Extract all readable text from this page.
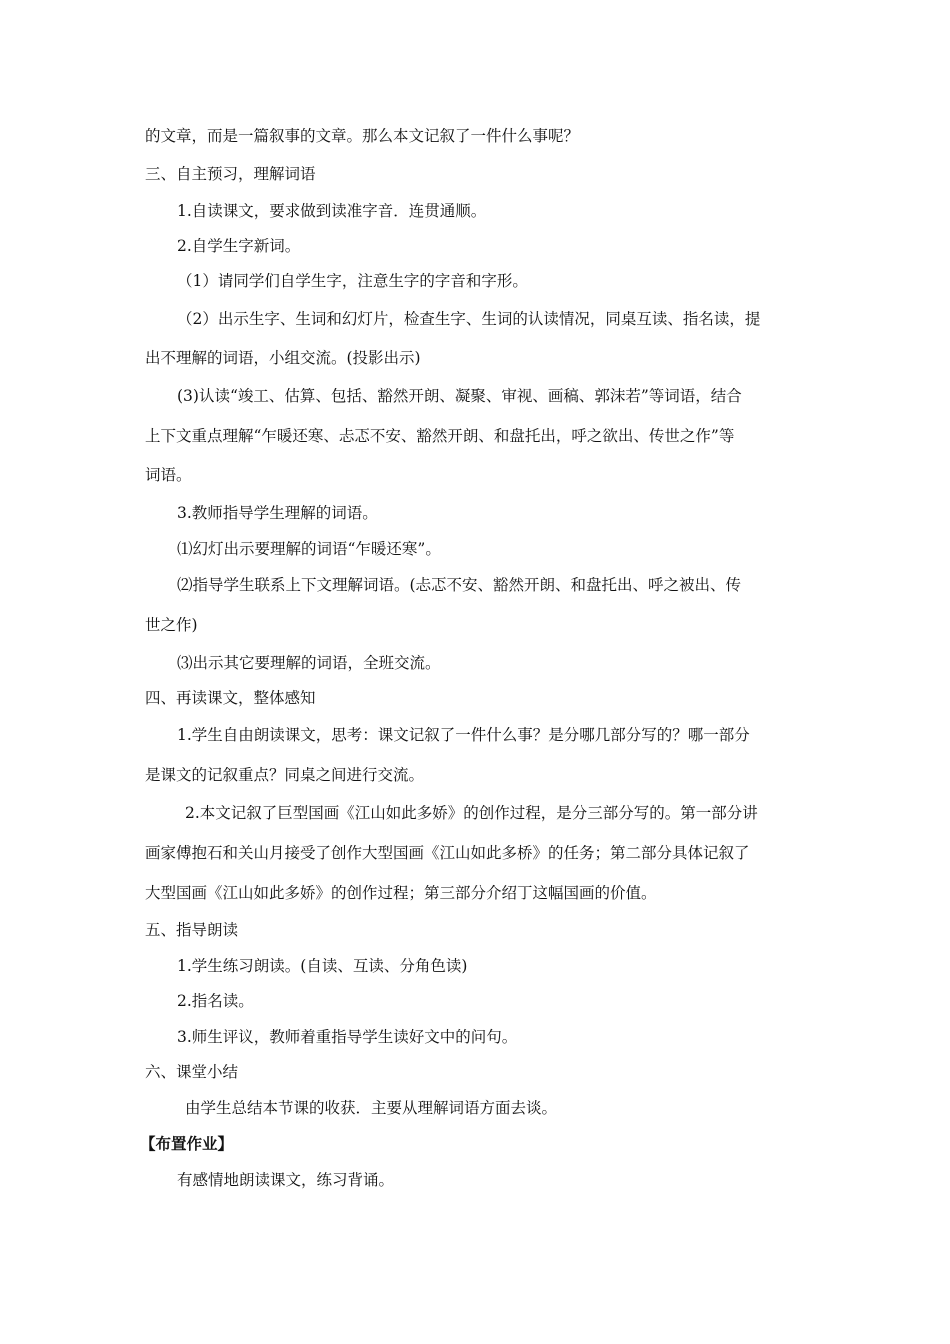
的文章，而是一篇叙事的文章。那么本文记叙了一件什么事呢？
三、自主预习，理解词语
1.自读课文，要求做到读准字音．连贯通顺。
2.自学生字新词。
（1）请同学们自学生字，注意生字的字音和字形。
（2）出示生字、生词和幻灯片，检查生字、生词的认读情况，同桌互读、指名读，提
出不理解的词语，小组交流。(投影出示)
(3)认读“竣工、估算、包括、豁然开朗、凝聚、审视、画稿、郭沫若”等词语，结合
上下文重点理解“乍暖还寒、忐忑不安、豁然开朗、和盘托出，呼之欲出、传世之作”等
词语。
3.教师指导学生理解的词语。
⑴幻灯出示要理解的词语“乍暖还寒”。
⑵指导学生联系上下文理解词语。(忐忑不安、豁然开朗、和盘托出、呼之被出、传
世之作)
⑶出示其它要理解的词语，全班交流。
四、再读课文，整体感知
1.学生自由朗读课文，思考：课文记叙了一件什么事？是分哪几部分写的？哪一部分
是课文的记叙重点？同桌之间进行交流。
2.本文记叙了巨型国画《江山如此多娇》的创作过程，是分三部分写的。第一部分讲
画家傅抱石和关山月接受了创作大型国画《江山如此多桥》的任务；第二部分具体记叙了
大型国画《江山如此多娇》的创作过程；第三部分介绍丁这幅国画的价值。
五、指导朗读
1.学生练习朗读。(自读、互读、分角色读)
2.指名读。
3.师生评议，教师着重指导学生读好文中的问句。
六、课堂小结
由学生总结本节课的收获．主要从理解词语方面去谈。
【布置作业】
有感情地朗读课文，练习背诵。
